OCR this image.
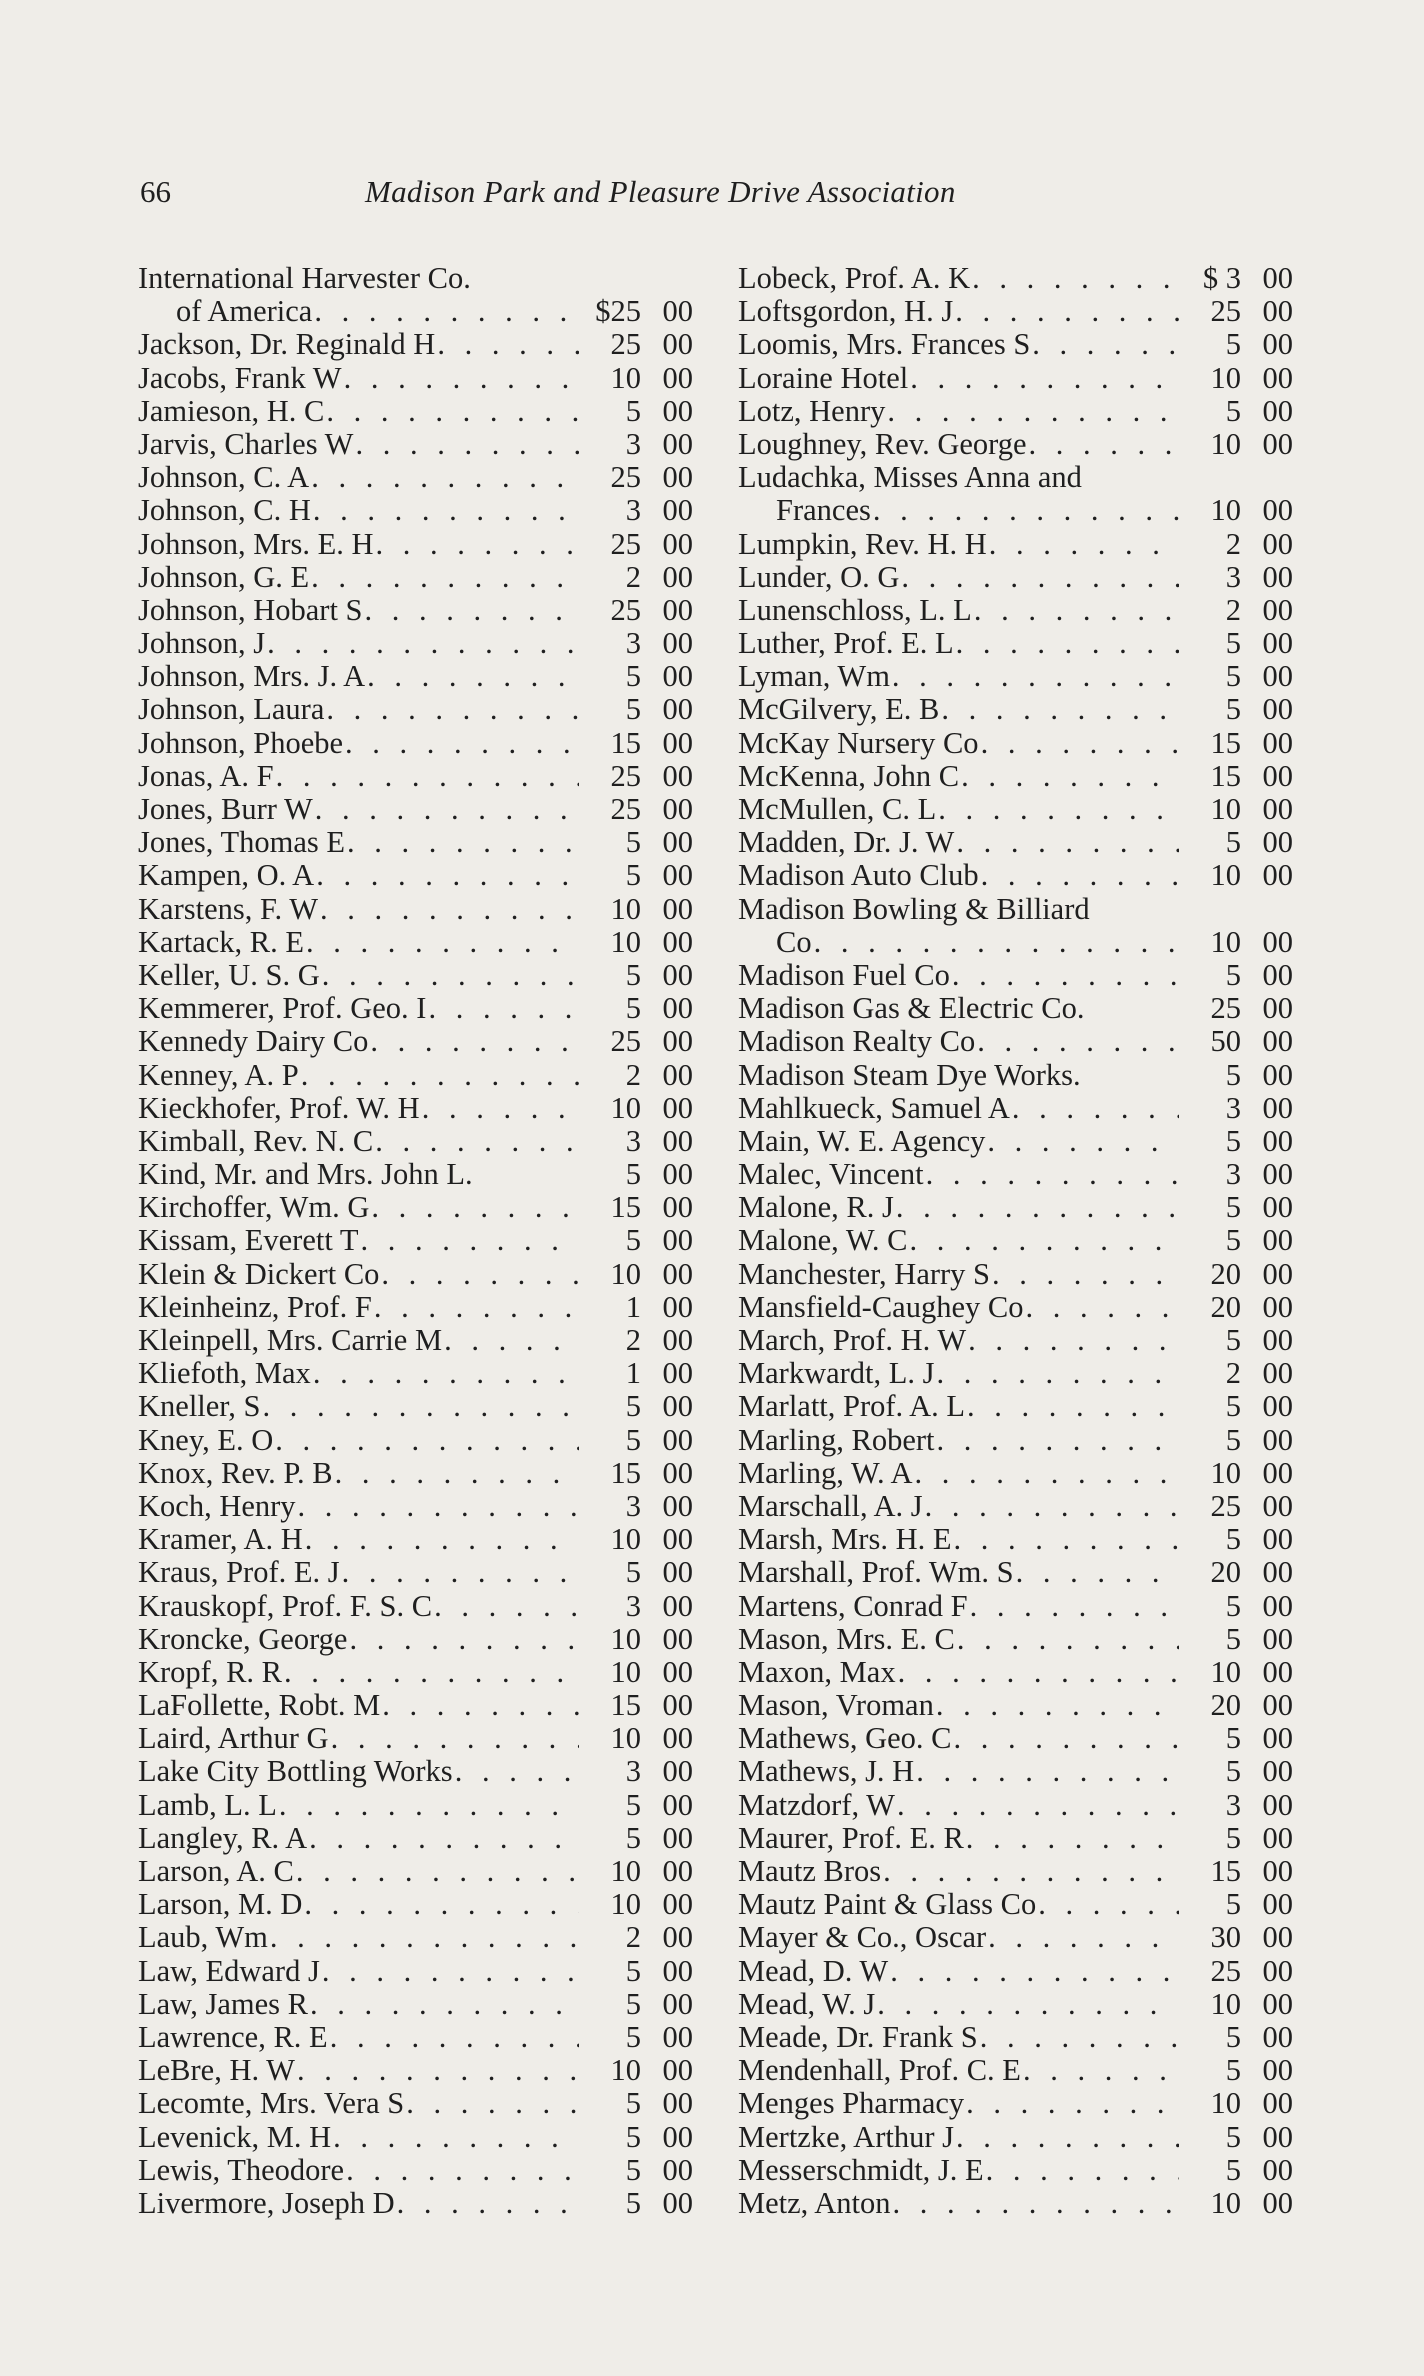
66	Madison Park and Pleasure Drive Association
International Harvester Co.
of America . . .	$25 00
Jackson, Dr. Reginald H . . .	25 00
Jacobs, Frank W . . .	10 00
Jamieson, H. C . . .	5 00
Jarvis, Charles W . . .	3 00
Johnson, C. A . . .	25 00
Johnson, C. H . . .	3 00
Johnson, Mrs. E. H . . .	25 00
Johnson, G. E . . .	2 00
Johnson, Hobart S . . .	25 00
Johnson, J . . .	3 00
Johnson, Mrs. J. A . . .	5 00
Johnson, Laura . . .	5 00
Johnson, Phoebe . . .	15 00
Jonas, A. F . . .	25 00
Jones, Burr W . . .	25 00
Jones, Thomas E . . .	5 00
Kampen, O. A . . .	5 00
Karstens, F. W . . .	10 00
Kartack, R. E . . .	10 00
Keller, U. S. G . . .	5 00
Kemmerer, Prof. Geo. I . . .	5 00
Kennedy Dairy Co . . .	25 00
Kenney, A. P . . .	2 00
Kieckhofer, Prof. W. H . . .	10 00
Kimball, Rev. N. C . . .	3 00
Kind, Mr. and Mrs. John L.	5 00
Kirchoffer, Wm. G . . .	15 00
Kissam, Everett T . . .	5 00
Klein & Dickert Co . . .	10 00
Kleinheinz, Prof. F . . .	1 00
Kleinpell, Mrs. Carrie M . . .	2 00
Kliefoth, Max . . .	1 00
Kneller, S . . .	5 00
Kney, E. O . . .	5 00
Knox, Rev. P. B . . .	15 00
Koch, Henry . . .	3 00
Kramer, A. H . . .	10 00
Kraus, Prof. E. J . . .	5 00
Krauskopf, Prof. F. S. C . . .	3 00
Kroncke, George . . .	10 00
Kropf, R. R . . .	10 00
LaFollette, Robt. M . . .	15 00
Laird, Arthur G . . .	10 00
Lake City Bottling Works . . .	3 00
Lamb, L. L . . .	5 00
Langley, R. A . . .	5 00
Larson, A. C . . .	10 00
Larson, M. D . . .	10 00
Laub, Wm . . .	2 00
Law, Edward J . . .	5 00
Law, James R . . .	5 00
Lawrence, R. E . . .	5 00
LeBre, H. W . . .	10 00
Lecomte, Mrs. Vera S . . .	5 00
Levenick, M. H . . .	5 00
Lewis, Theodore . . .	5 00
Livermore, Joseph D . . .	5 00
Lobeck, Prof. A. K . . .	$ 3 00
Loftsgordon, H. J . . .	25 00
Loomis, Mrs. Frances S . . .	5 00
Loraine Hotel . . .	10 00
Lotz, Henry . . .	5 00
Loughney, Rev. George . . .	10 00
Ludachka, Misses Anna and
Frances . . .	10 00
Lumpkin, Rev. H. H . . .	2 00
Lunder, O. G . . .	3 00
Lunenschloss, L. L . . .	2 00
Luther, Prof. E. L . . .	5 00
Lyman, Wm . . .	5 00
McGilvery, E. B . . .	5 00
McKay Nursery Co . . .	15 00
McKenna, John C . . .	15 00
McMullen, C. L . . .	10 00
Madden, Dr. J. W . . .	5 00
Madison Auto Club . . .	10 00
Madison Bowling & Billiard
Co . . .	10 00
Madison Fuel Co . . .	5 00
Madison Gas & Electric Co.	25 00
Madison Realty Co . . .	50 00
Madison Steam Dye Works.	5 00
Mahlkueck, Samuel A . . .	3 00
Main, W. E. Agency . . .	5 00
Malec, Vincent . . .	3 00
Malone, R. J . . .	5 00
Malone, W. C . . .	5 00
Manchester, Harry S . . .	20 00
Mansfield-Caughey Co . . .	20 00
March, Prof. H. W . . .	5 00
Markwardt, L. J . . .	2 00
Marlatt, Prof. A. L . . .	5 00
Marling, Robert . . .	5 00
Marling, W. A . . .	10 00
Marschall, A. J . . .	25 00
Marsh, Mrs. H. E . . .	5 00
Marshall, Prof. Wm. S . . .	20 00
Martens, Conrad F . . .	5 00
Mason, Mrs. E. C . . .	5 00
Maxon, Max . . .	10 00
Mason, Vroman . . .	20 00
Mathews, Geo. C . . .	5 00
Mathews, J. H . . .	5 00
Matzdorf, W . . .	3 00
Maurer, Prof. E. R . . .	5 00
Mautz Bros . . .	15 00
Mautz Paint & Glass Co . . .	5 00
Mayer & Co., Oscar . . .	30 00
Mead, D. W . . .	25 00
Mead, W. J . . .	10 00
Meade, Dr. Frank S . . .	5 00
Mendenhall, Prof. C. E . . .	5 00
Menges Pharmacy . . .	10 00
Mertzke, Arthur J . . .	5 00
Messerschmidt, J. E . . .	5 00
Metz, Anton . . .	10 00
